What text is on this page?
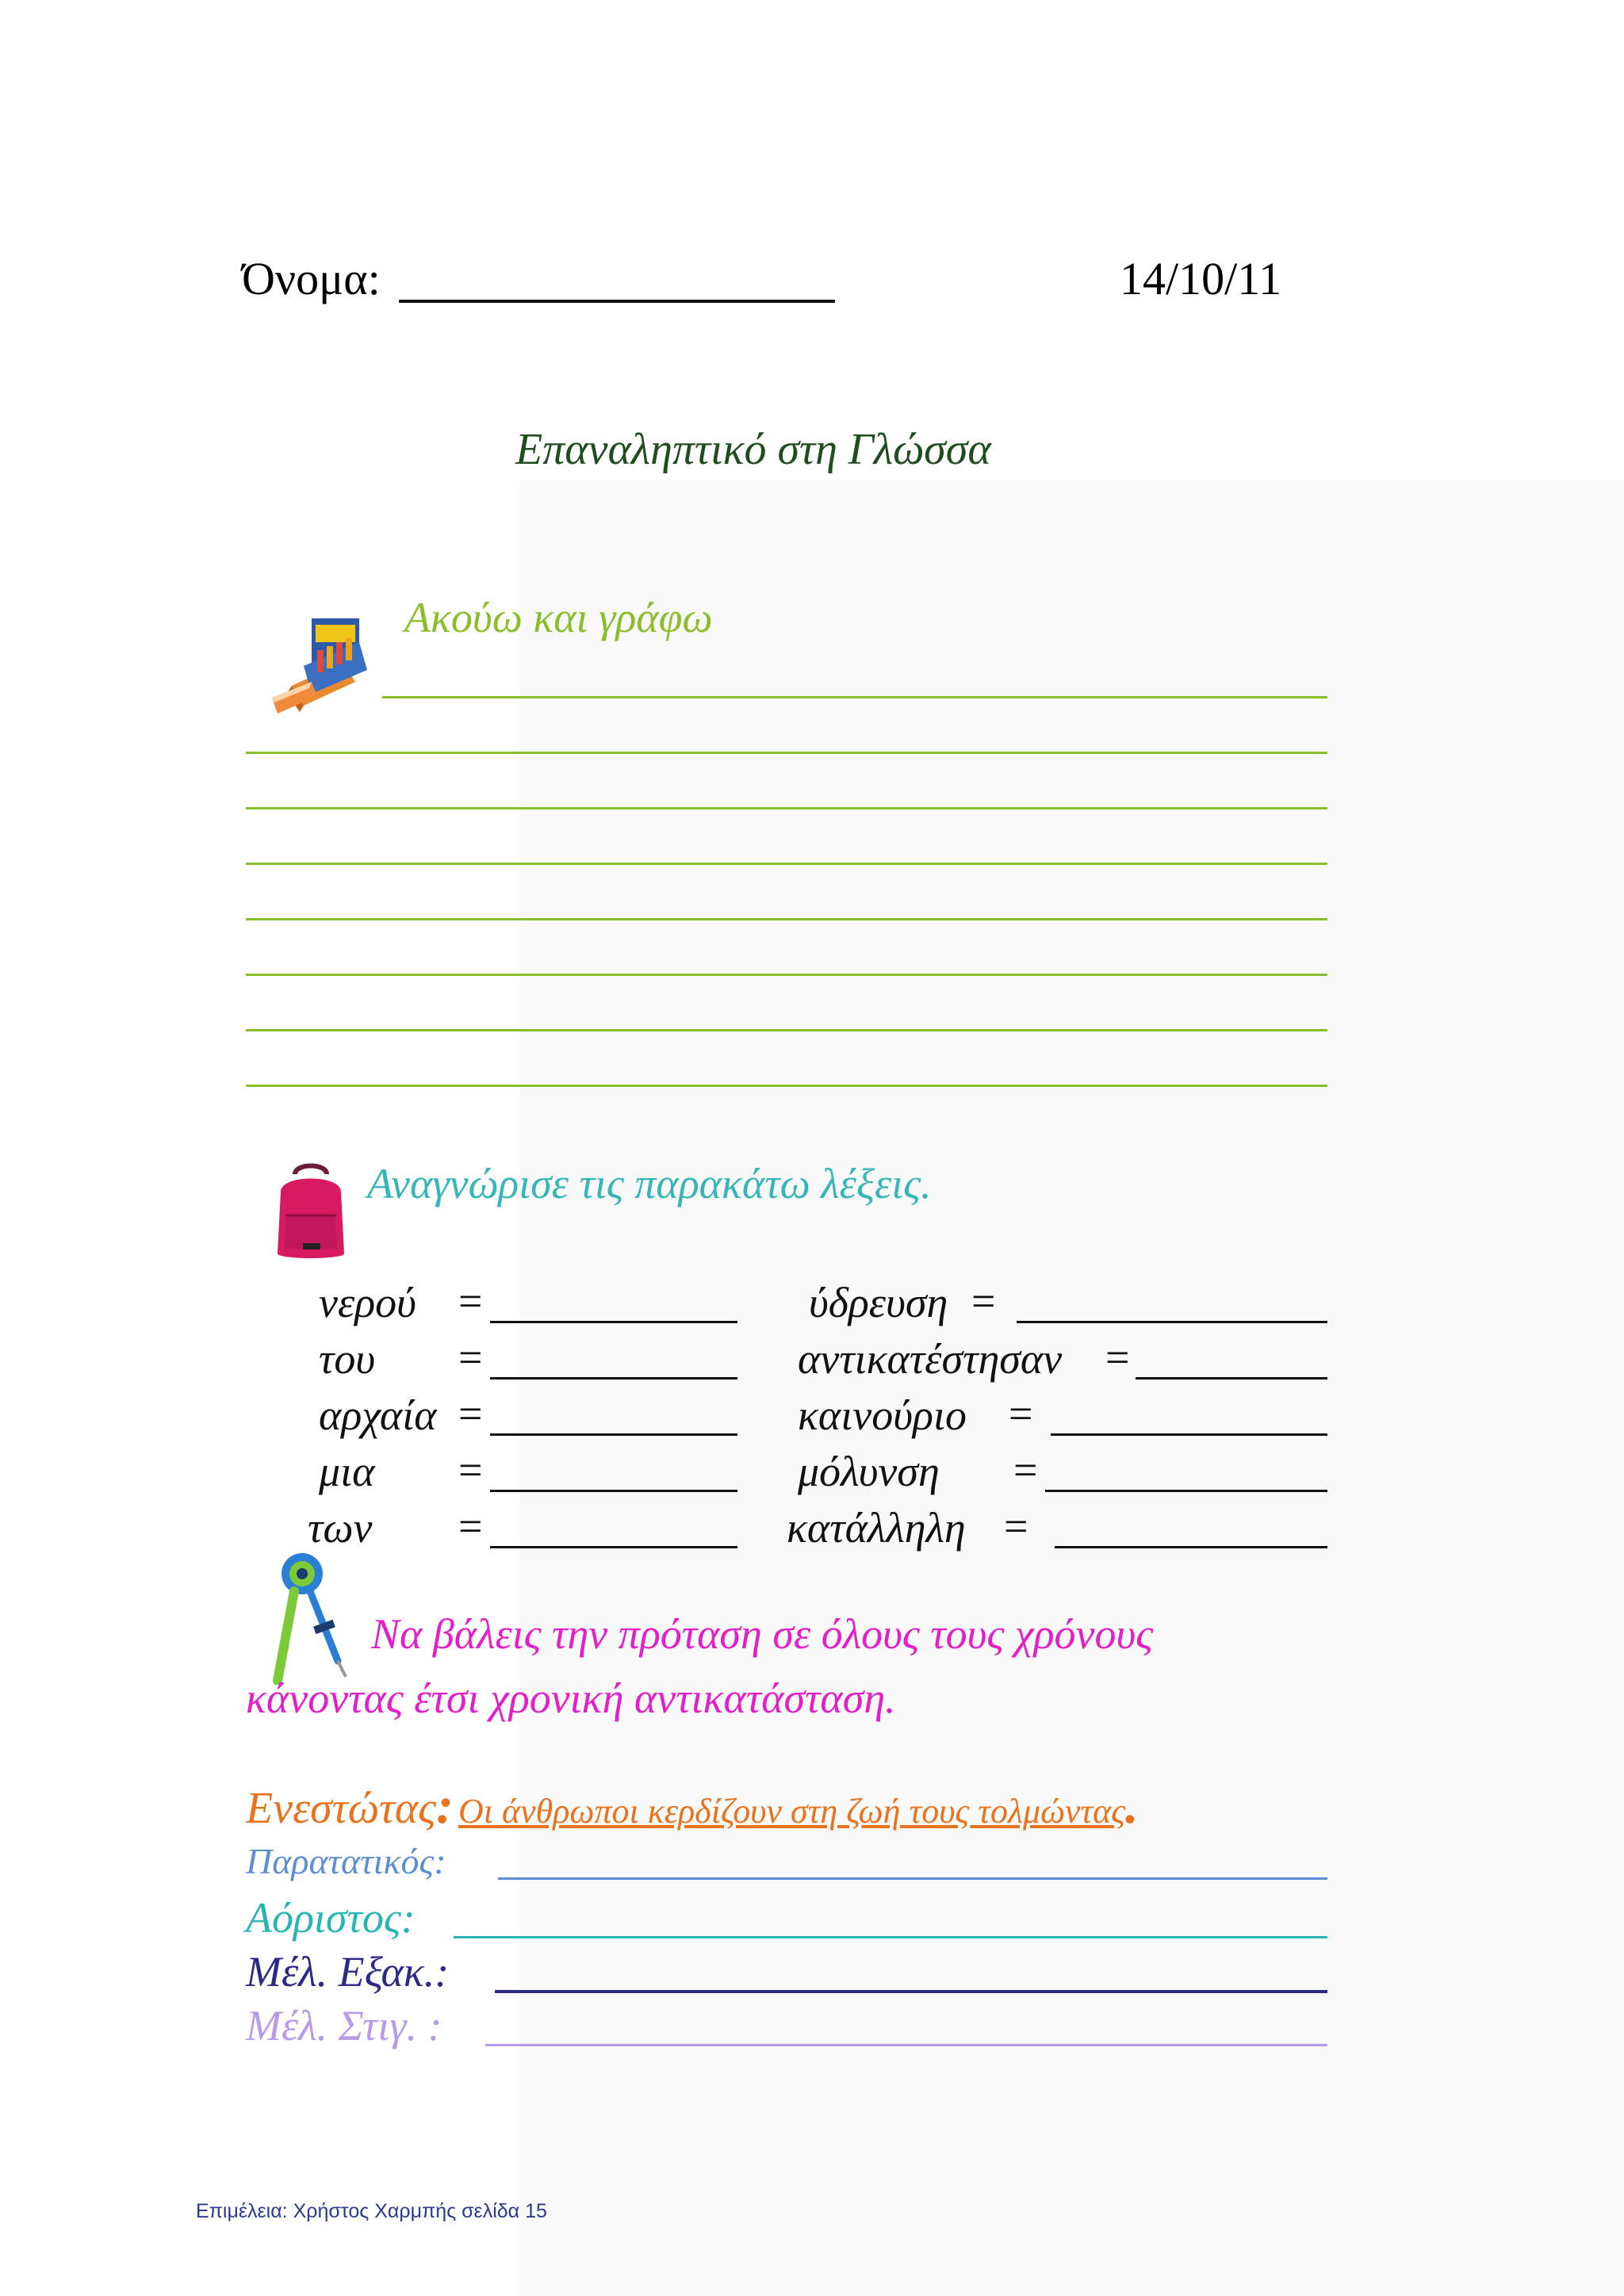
Όνομα:	14/10/11
Επαναληπτικό στη Γλώσσα
Ακούω και γράφω
Αναγνώρισε τις παρακάτω λέξεις.
νερού =
του =
αρχαία =
μια =
των =
ύδρευση =
αντικατέστησαν =
καινούριο =
μόλυνση =
κατάλληλη =
Να βάλεις την πρόταση σε όλους τους χρόνους
κάνοντας έτσι χρονική αντικατάσταση.
Ενεστώτας: Οι άνθρωποι κερδίζουν στη ζωή τους τολμώντας.
Παρατατικός:
Αόριστος:
Μέλ. Εξακ.:
Μέλ. Στιγ. :
Επιμέλεια: Χρήστος Χαρμπής σελίδα 15
